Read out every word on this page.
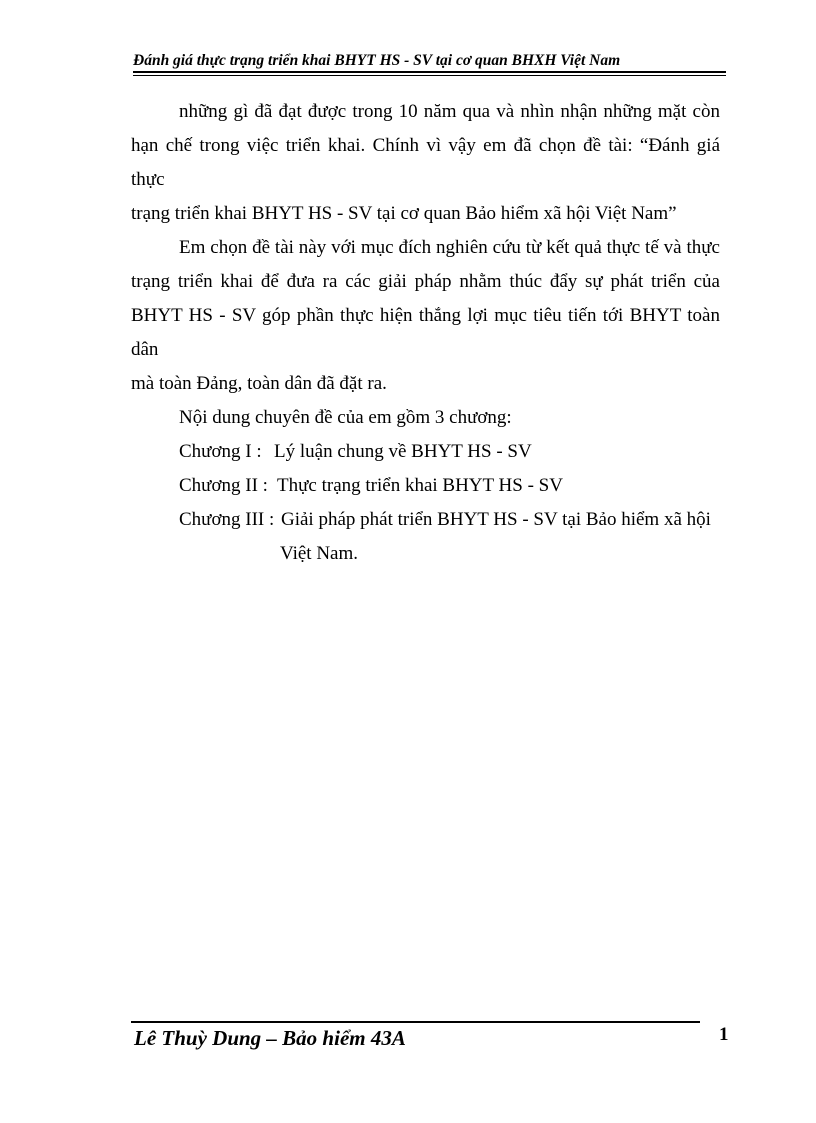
Đánh giá thực trạng triển khai BHYT HS - SV tại cơ quan BHXH Việt Nam

những gì đã đạt được trong 10 năm qua và nhìn nhận những mặt còn

hạn chế trong việc triển khai. Chính vì vậy em đã chọn đề tài: “Đánh giá thực

trạng triển khai BHYT HS - SV tại cơ quan Bảo hiểm xã hội Việt Nam”

Em chọn đề tài này với mục đích nghiên cứu từ kết quả thực tế và thực

trạng triển khai để đưa ra các giải pháp nhằm thúc đẩy sự phát triển của

BHYT HS - SV góp phần thực hiện thắng lợi mục tiêu tiến tới BHYT toàn dân

mà toàn Đảng, toàn dân đã đặt ra.

Nội dung chuyên đề của em gồm 3 chương:

Chương I : Lý luận chung về BHYT HS - SV
Chương II : Thực trạng triển khai BHYT HS - SV
Chương III : Giải pháp phát triển BHYT HS - SV tại Bảo hiểm xã hội
Việt Nam.
Lê Thuỳ Dung – Bảo hiểm 43A	1
